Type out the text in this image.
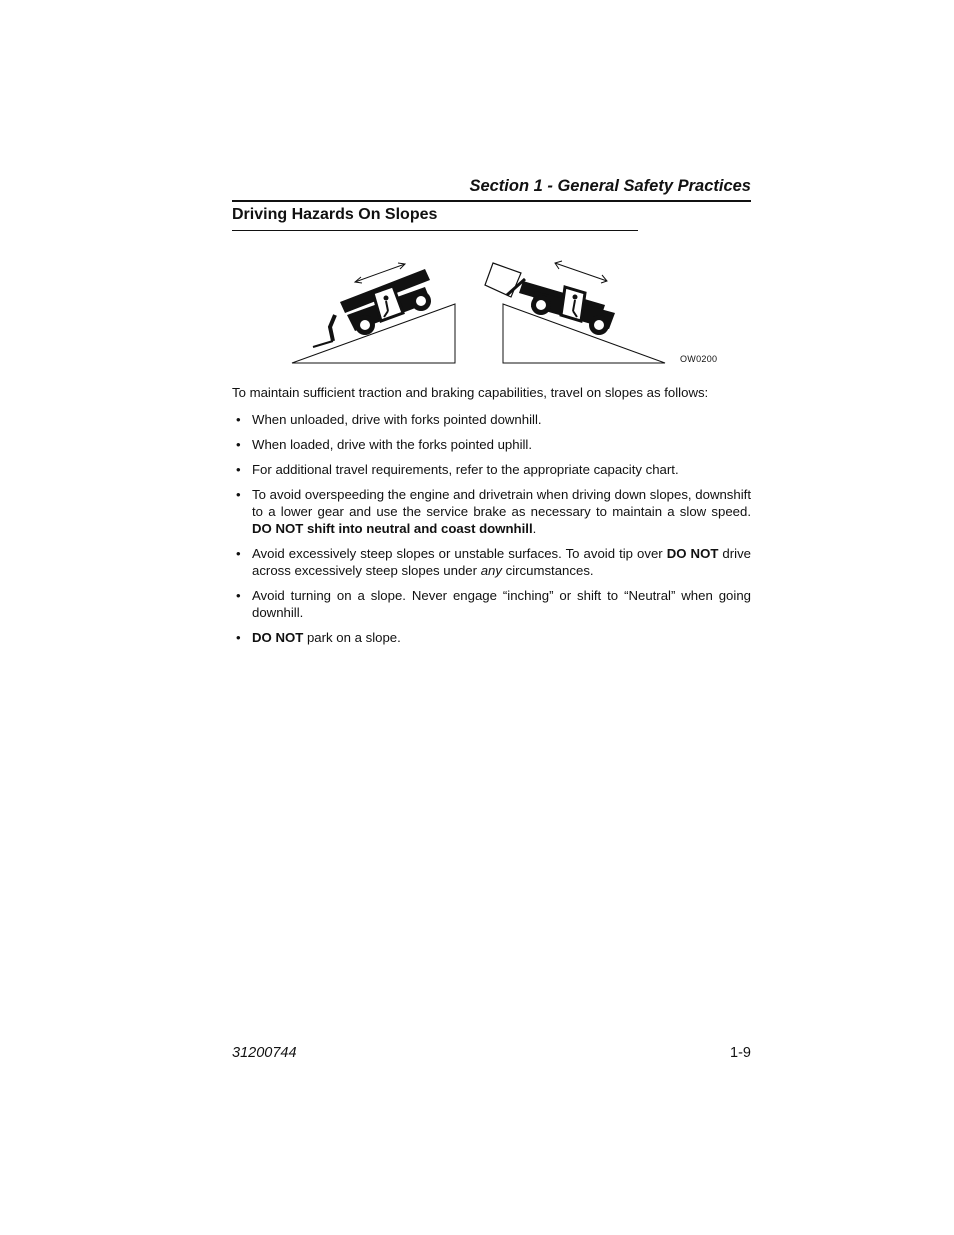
Section 1 - General Safety Practices
Driving Hazards On Slopes
OW0200

To maintain sufficient traction and braking capabilities, travel on slopes as follows:

• When unloaded, drive with forks pointed downhill.
• When loaded, drive with the forks pointed uphill.
• For additional travel requirements, refer to the appropriate capacity chart.
• To avoid overspeeding the engine and drivetrain when driving down slopes, downshift to a lower gear and use the service brake as necessary to maintain a slow speed. DO NOT shift into neutral and coast downhill.
• Avoid excessively steep slopes or unstable surfaces. To avoid tip over DO NOT drive across excessively steep slopes under any circumstances.
• Avoid turning on a slope. Never engage “inching” or shift to “Neutral” when going downhill.
• DO NOT park on a slope.
31200744	1-9
